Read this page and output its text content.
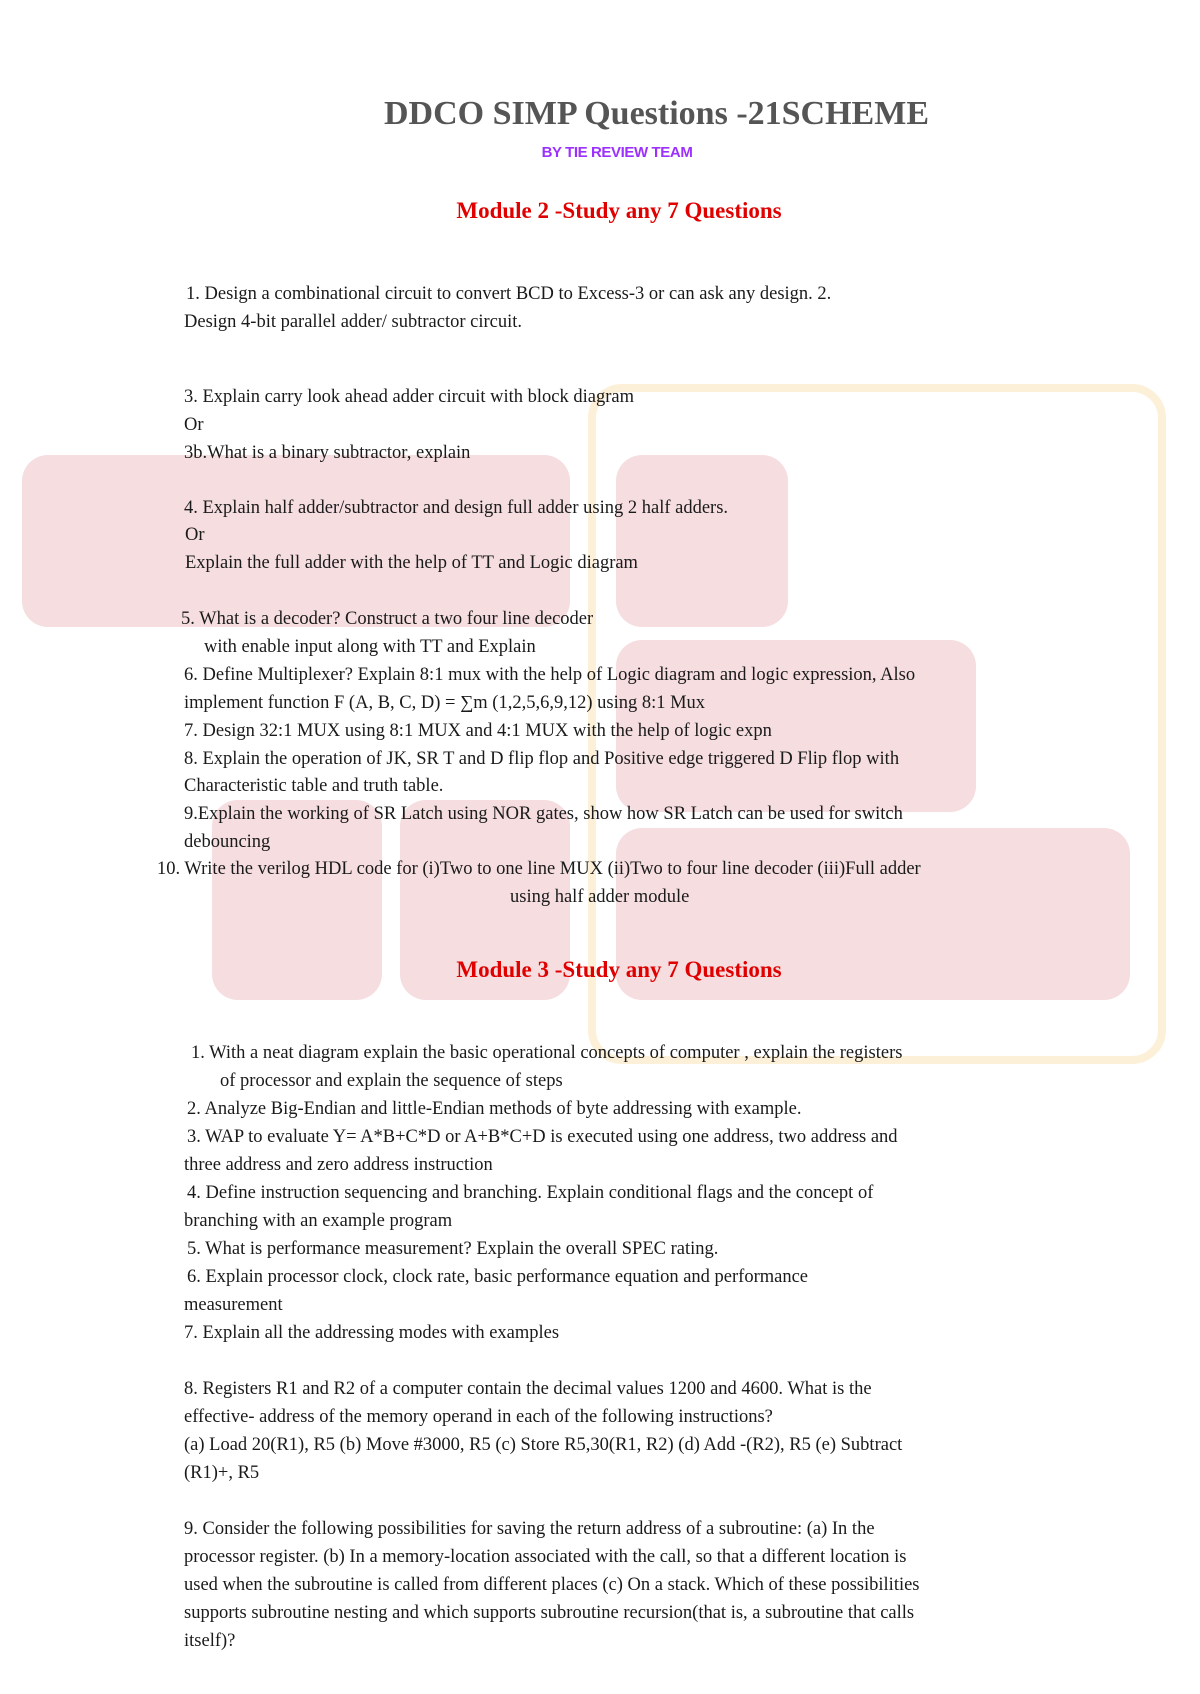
DDCO SIMP Questions -21SCHEME
BY TIE REVIEW TEAM
Module 2 -Study any 7 Questions
1. Design a combinational circuit to convert BCD to Excess-3 or can ask any design. 2.
Design 4-bit parallel adder/ subtractor circuit.
3. Explain carry look ahead adder circuit with block diagram
Or
3b.What is a binary subtractor, explain
4. Explain half adder/subtractor and design full adder using 2 half adders.
Or
Explain the full adder with the help of TT and Logic diagram
5. What is a decoder? Construct a two four line decoder
with enable input along with TT and Explain
6. Define Multiplexer? Explain 8:1 mux with the help of Logic diagram and logic expression, Also
implement function F (A, B, C, D) = ∑m (1,2,5,6,9,12) using 8:1 Mux
7. Design 32:1 MUX using 8:1 MUX and 4:1 MUX with the help of logic expn
8. Explain the operation of JK, SR T and D flip flop and Positive edge triggered D Flip flop with
Characteristic table and truth table.
9.Explain the working of SR Latch using NOR gates, show how SR Latch can be used for switch
debouncing
10. Write the verilog HDL code for (i)Two to one line MUX (ii)Two to four line decoder (iii)Full adder
using half adder module
Module 3 -Study any 7 Questions
1. With a neat diagram explain the basic operational concepts of computer , explain the registers
of processor and explain the sequence of steps
2. Analyze Big-Endian and little-Endian methods of byte addressing with example.
3. WAP to evaluate Y= A*B+C*D or A+B*C+D is executed using one address, two address and
three address and zero address instruction
4. Define instruction sequencing and branching. Explain conditional flags and the concept of
branching with an example program
5. What is performance measurement? Explain the overall SPEC rating.
6. Explain processor clock, clock rate, basic performance equation and performance
measurement
7. Explain all the addressing modes with examples
8. Registers R1 and R2 of a computer contain the decimal values 1200 and 4600. What is the
effective- address of the memory operand in each of the following instructions?
(a) Load 20(R1), R5 (b) Move #3000, R5 (c) Store R5,30(R1, R2) (d) Add -(R2), R5 (e) Subtract
(R1)+, R5
9. Consider the following possibilities for saving the return address of a subroutine: (a) In the
processor register. (b) In a memory-location associated with the call, so that a different location is
used when the subroutine is called from different places (c) On a stack. Which of these possibilities
supports subroutine nesting and which supports subroutine recursion(that is, a subroutine that calls
itself)?
